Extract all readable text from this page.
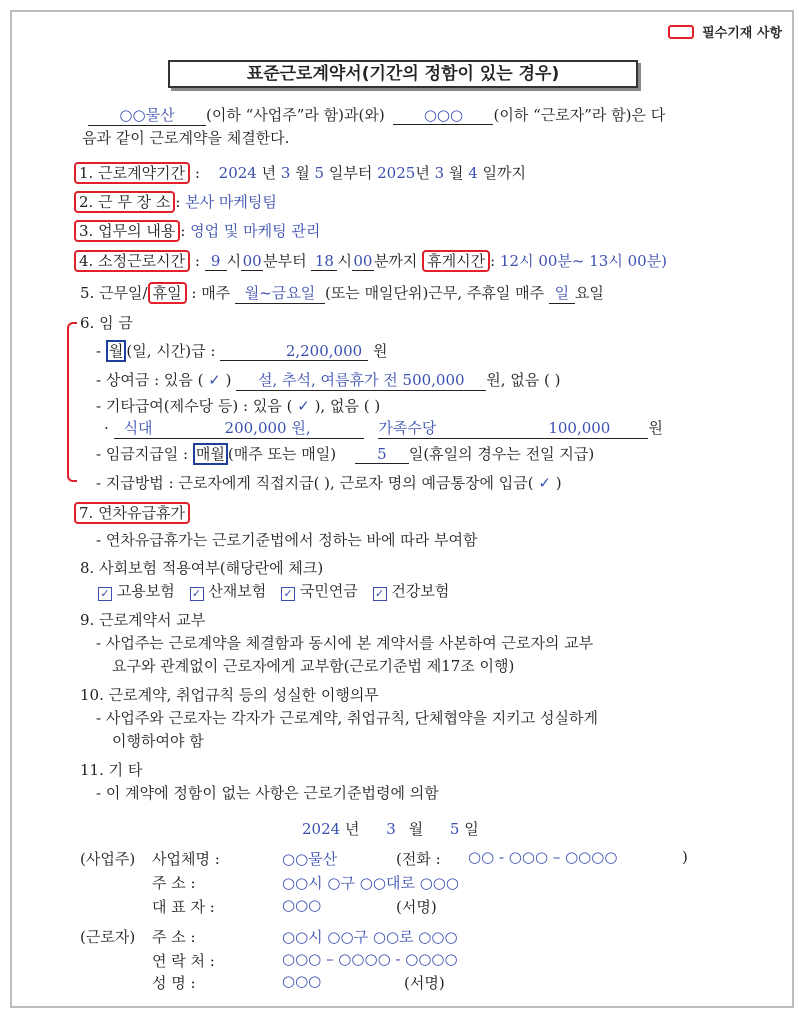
필수기재 사항
표준근로계약서(기간의 정함이 있는 경우)
○○물산 (이하 “사업주”라 함)과(와)	○○○ (이하 “근로자”라 함)은 다
음과 같이 근로계약을 체결한다.
1. 근로계약기간 : 2024 년 3 월 5 일부터 2025년 3 월 4 일까지
2. 근 무 장 소 : 본사 마케팅팀
3. 업무의 내용 : 영업 및 마케팅 관리
4. 소정근로시간 : 9 시00분부터 18 시00분까지 휴게시간 : 12시 00분~ 13시 00분)
5. 근무일/ 휴일 : 매주 월~금요일 (또는 매일단위)근무, 주휴일 매주 일 요일
6. 임 금
- 월 (일, 시간)급 :	2,200,000 원
- 상여금 : 있음 ( ✓ ) 설, 추석, 여름휴가 전 500,000 원, 없음 ( )
- 기타급여(제수당 등) : 있음 ( ✓ ), 없음 ( )
· 식대	200,000 원,	가족수당	100,000	원
- 임금지급일 : 매월 (매주 또는 매일)	5 일(휴일의 경우는 전일 지급)
- 지급방법 : 근로자에게 직접지급( ), 근로자 명의 예금통장에 입금( ✓ )
7. 연차유급휴가
- 연차유급휴가는 근로기준법에서 정하는 바에 따라 부여함
8. 사회보험 적용여부(해당란에 체크)
✓ 고용보험 ✓ 산재보험 ✓ 국민연금 ✓ 건강보험
9. 근로계약서 교부
- 사업주는 근로계약을 체결함과 동시에 본 계약서를 사본하여 근로자의 교부
요구와 관계없이 근로자에게 교부함(근로기준법 제17조 이행)
10. 근로계약, 취업규칙 등의 성실한 이행의무
- 사업주와 근로자는 각자가 근로계약, 취업규칙, 단체협약을 지키고 성실하게
이행하여야 함
11. 기 타
- 이 계약에 정함이 없는 사항은 근로기준법령에 의함
2024 년 3 월 5 일
(사업주) 사업체명 :	○○물산	(전화 : ○○ - ○○○ – ○○○○	)
주 소 :	○○시 ○구 ○○대로 ○○○
대 표 자 :	○○○	(서명)
(근로자) 주 소 :	○○시 ○○구 ○○로 ○○○
연 락 처 :	○○○ – ○○○○ - ○○○○
성 명 :	○○○	(서명)
